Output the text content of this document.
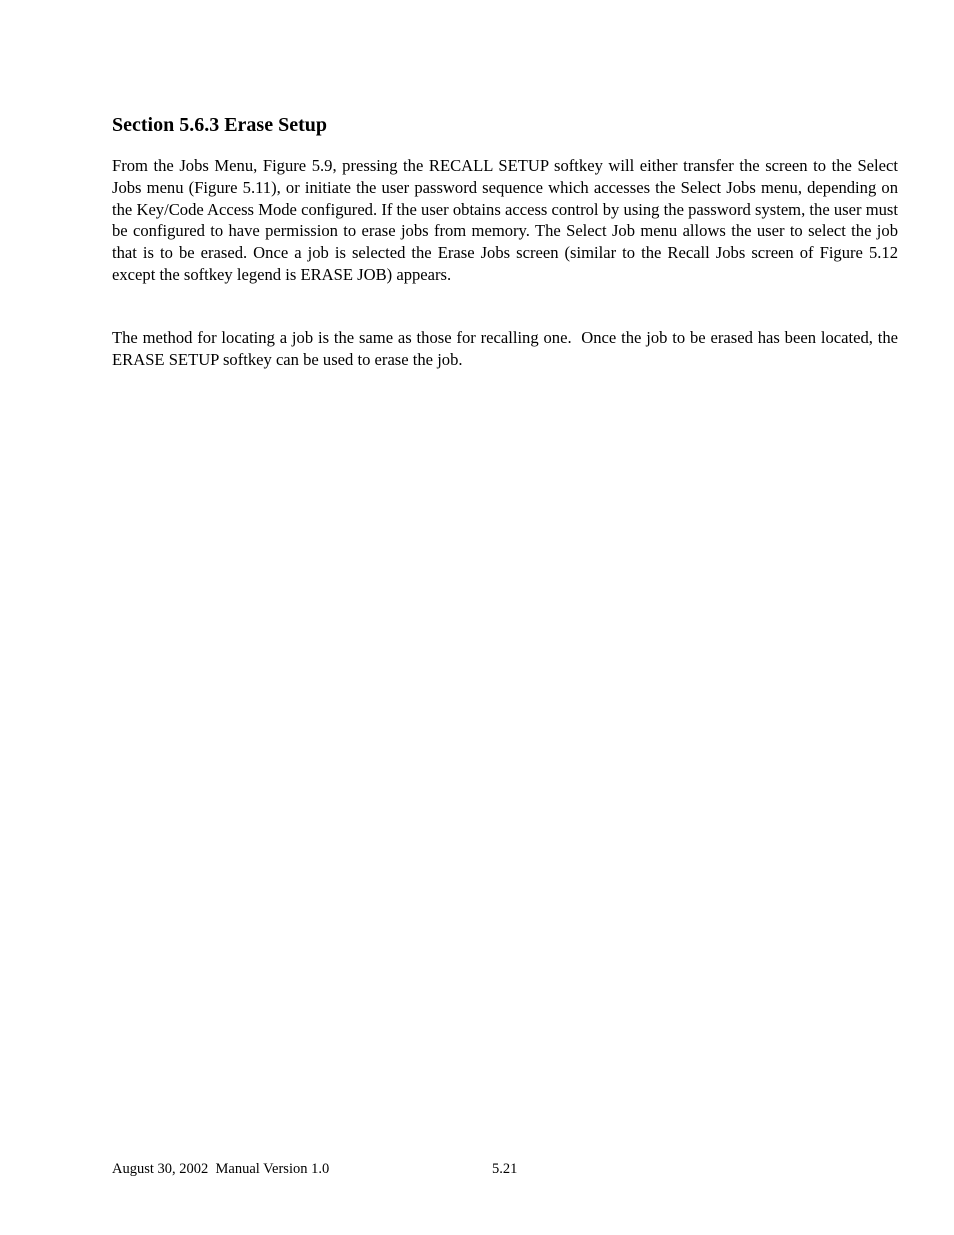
Section 5.6.3 Erase Setup

From the Jobs Menu, Figure 5.9, pressing the RECALL SETUP softkey will either transfer the screen to the Select Jobs menu (Figure 5.11), or initiate the user password sequence which accesses the Select Jobs menu, depending on the Key/Code Access Mode configured. If the user obtains access control by using the password system, the user must be configured to have permission to erase jobs from memory. The Select Job menu allows the user to select the job that is to be erased. Once a job is selected the Erase Jobs screen (similar to the Recall Jobs screen of Figure 5.12 except the softkey legend is ERASE JOB) appears.

The method for locating a job is the same as those for recalling one.  Once the job to be erased has been located, the ERASE SETUP softkey can be used to erase the job.

August 30, 2002  Manual Version 1.0	5.21
